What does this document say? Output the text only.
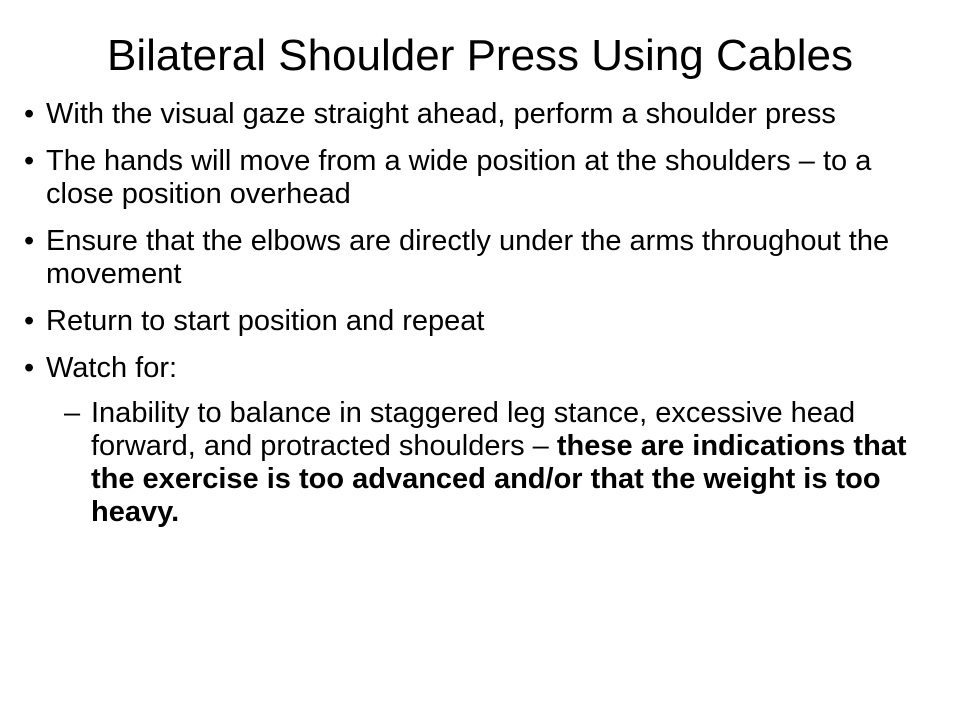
Bilateral Shoulder Press Using Cables
• With the visual gaze straight ahead, perform a shoulder press
• The hands will move from a wide position at the shoulders – to a close position overhead
• Ensure that the elbows are directly under the arms throughout the movement
• Return to start position and repeat
• Watch for:
– Inability to balance in staggered leg stance, excessive head forward, and protracted shoulders – these are indications that the exercise is too advanced and/or that the weight is too heavy.
